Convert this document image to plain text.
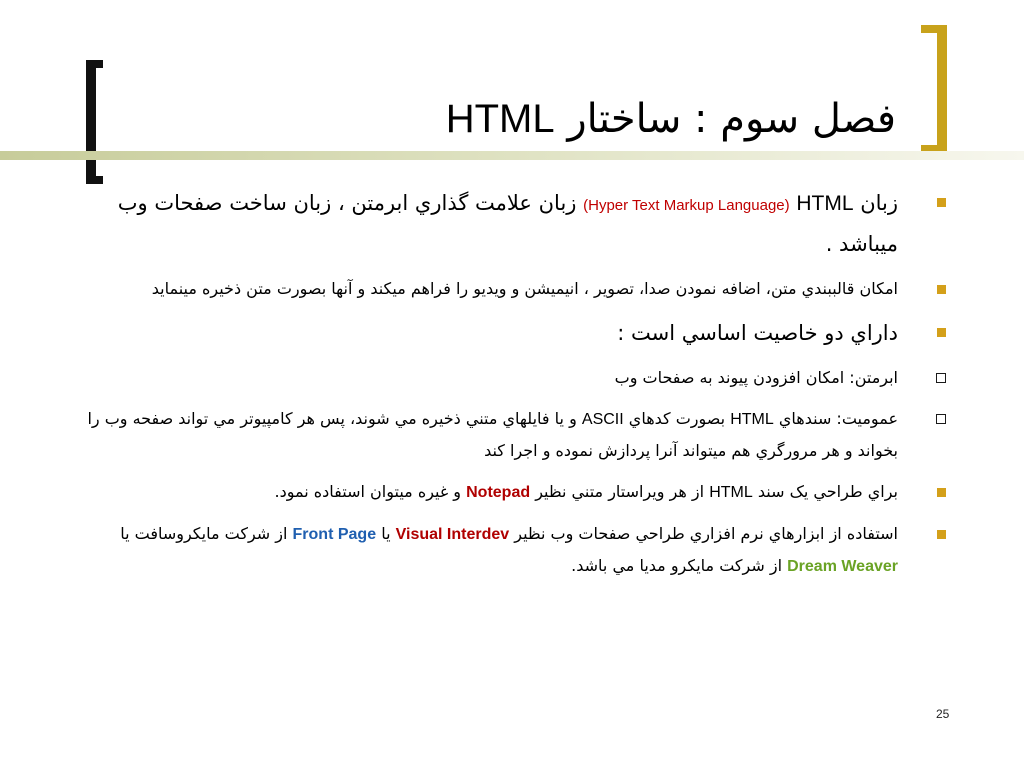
فصل سوم : ساختار HTML
زبان HTML (Hyper Text Markup Language) زبان علامت گذاري ابرمتن ، زبان ساخت صفحات وب ميباشد .
امكان قالببندي متن، اضافه نمودن صدا، تصوير ، انيميشن و ويديو را فراهم ميكند و آنها بصورت متن ذخيره مينمايد
داراي دو خاصيت اساسي است :
ابرمتن: امكان افزودن پيوند به صفحات وب
عموميت: سندهاي HTML بصورت كدهاي ASCII و يا فايلهاي متني ذخيره مي شوند، پس هر كامپيوتر مي تواند صفحه وب را بخواند و هر مرورگري هم ميتواند آنرا پردازش نموده و اجرا كند
براي طراحي يک سند HTML از هر ويراستار متني نظير Notepad و غيره ميتوان استفاده نمود.
استفاده از ابزارهاي نرم افزاري طراحي صفحات وب نظير Visual Interdev يا Front Page از شركت مايكروسافت يا Dream Weaver از شركت مايكرو مديا مي باشد.
25
